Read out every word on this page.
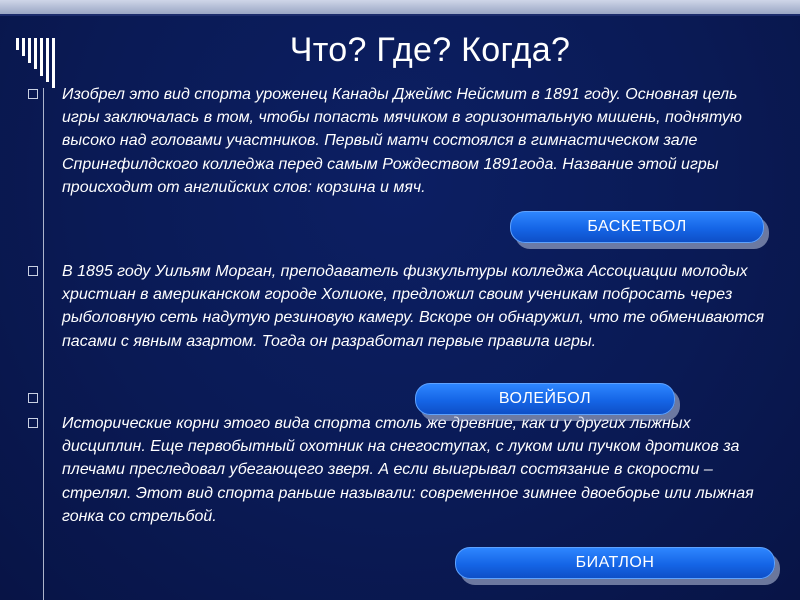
Что? Где? Когда?
Изобрел это вид спорта уроженец Канады Джеймс Нейсмит в 1891 году. Основная цель игры заключалась в том, чтобы попасть мячиком в горизонтальную мишень, поднятую высоко над головами участников. Первый матч состоялся в гимнастическом зале Спрингфилдского колледжа перед самым Рождеством 1891года. Название этой игры происходит от английских слов: корзина и мяч.
В 1895 году Уильям Морган, преподаватель физкультуры колледжа Ассоциации молодых христиан в американском городе Холиоке, предложил своим ученикам побросать через рыболовную сеть надутую резиновую камеру. Вскоре он обнаружил, что те обмениваются пасами с явным азартом. Тогда он разработал первые правила игры.
Исторические корни этого вида спорта столь же древние, как и у других лыжных дисциплин. Еще первобытный охотник на снегоступах, с луком или пучком дротиков за плечами преследовал убегающего зверя. А если выигрывал состязание в скорости – стрелял. Этот вид спорта раньше называли: современное зимнее двоеборье или лыжная гонка со стрельбой.
БАСКЕТБОЛ
ВОЛЕЙБОЛ
БИАТЛОН
